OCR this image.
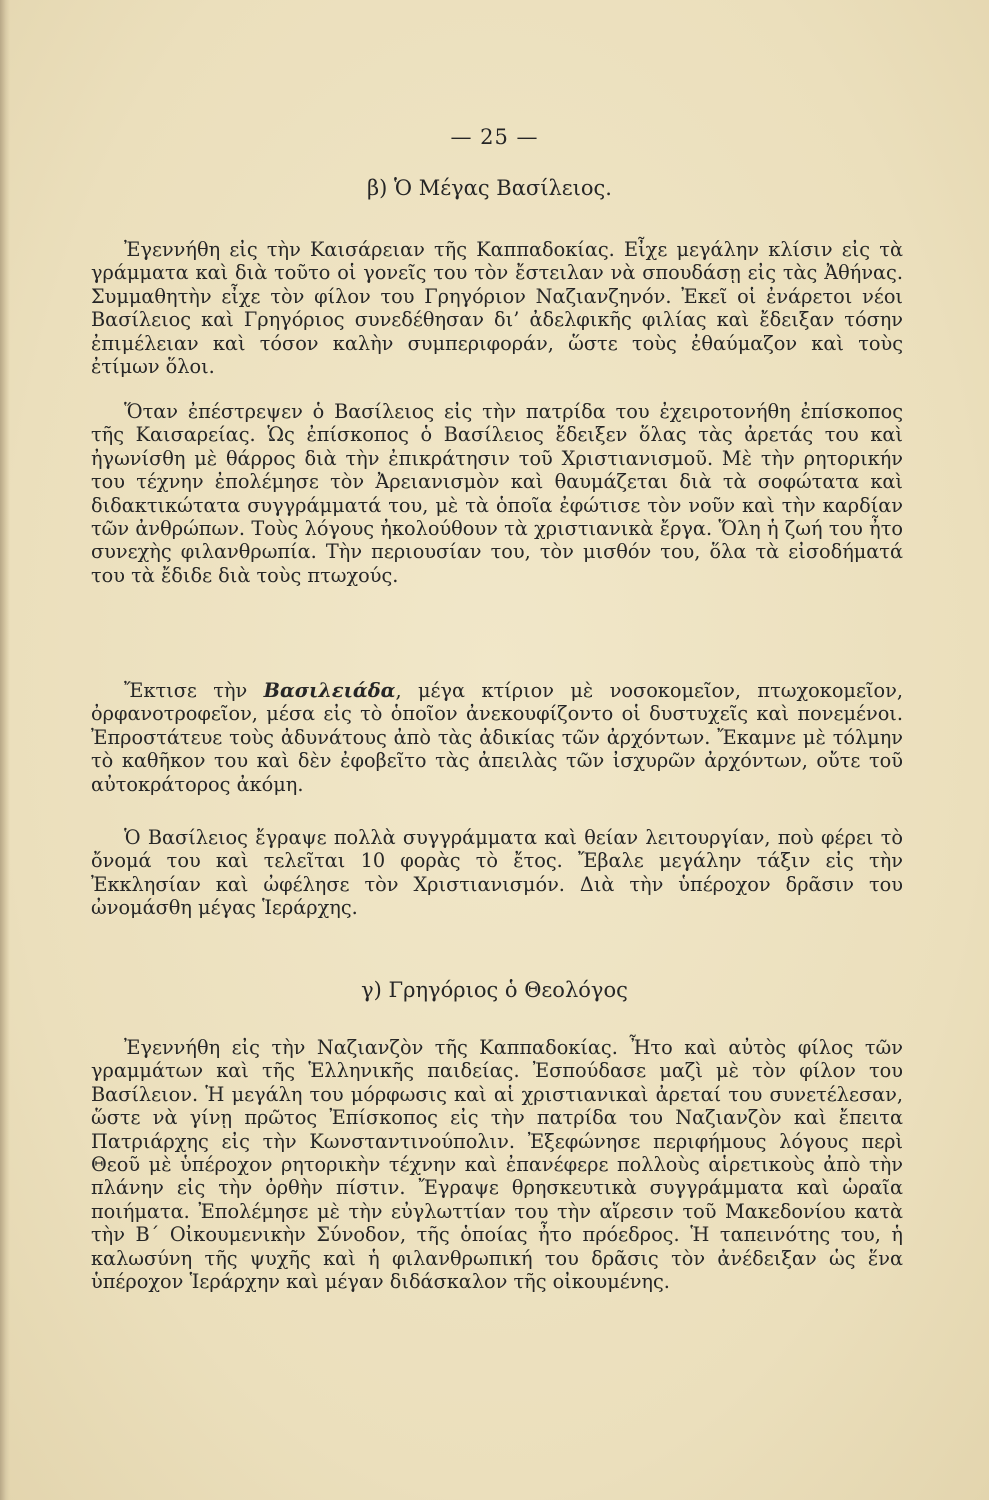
— 25 —
β) Ὁ Μέγας Βασίλειος.

Ἐγεννήθη εἰς τὴν Καισάρειαν τῆς Καππαδοκίας. Εἶχε μεγάλην κλίσιν εἰς τὰ γράμματα καὶ διὰ τοῦτο οἱ γονεῖς του τὸν ἔστειλαν νὰ σπουδάσῃ εἰς τὰς Ἀθήνας. Συμμαθητὴν εἶχε τὸν φίλον του Γρηγόριον Ναζιανζηνόν. Ἐκεῖ οἱ ἐνάρετοι νέοι Βασίλειος καὶ Γρηγόριος συνεδέθησαν δι’ ἀδελφικῆς φιλίας καὶ ἔδειξαν τόσην ἐπιμέλειαν καὶ τόσον καλὴν συμπεριφοράν, ὥστε τοὺς ἐθαύμαζον καὶ τοὺς ἐτίμων ὅλοι.

Ὅταν ἐπέστρεψεν ὁ Βασίλειος εἰς τὴν πατρίδα του ἐχειροτονήθη ἐπίσκοπος τῆς Καισαρείας. Ὡς ἐπίσκοπος ὁ Βασίλειος ἔδειξεν ὅλας τὰς ἀρετάς του καὶ ἠγωνίσθη μὲ θάρρος διὰ τὴν ἐπικράτησιν τοῦ Χριστιανισμοῦ. Μὲ τὴν ρητορικήν του τέχνην ἐπολέμησε τὸν Ἀρειανισμὸν καὶ θαυμάζεται διὰ τὰ σοφώτατα καὶ διδακτικώτατα συγγράμματά του, μὲ τὰ ὁποῖα ἐφώτισε τὸν νοῦν καὶ τὴν καρδίαν τῶν ἀνθρώπων. Τοὺς λόγους ἠκολούθουν τὰ χριστιανικὰ ἔργα. Ὅλη ἡ ζωή του ἦτο συνεχὴς φιλανθρωπία. Τὴν περιουσίαν του, τὸν μισθόν του, ὅλα τὰ εἰσοδήματά του τὰ ἔδιδε διὰ τοὺς πτωχούς.

Ἔκτισε τὴν Βασιλειάδα, μέγα κτίριον μὲ νοσοκομεῖον, πτωχοκομεῖον, ὀρφανοτροφεῖον, μέσα εἰς τὸ ὁποῖον ἀνεκουφίζοντο οἱ δυστυχεῖς καὶ πονεμένοι. Ἐπροστάτευε τοὺς ἀδυνάτους ἀπὸ τὰς ἀδικίας τῶν ἀρχόντων. Ἔκαμνε μὲ τόλμην τὸ καθῆκον του καὶ δὲν ἐφοβεῖτο τὰς ἀπειλὰς τῶν ἰσχυρῶν ἀρχόντων, οὔτε τοῦ αὐτοκράτορος ἀκόμη.

Ὁ Βασίλειος ἔγραψε πολλὰ συγγράμματα καὶ θείαν λειτουργίαν, ποὺ φέρει τὸ ὄνομά του καὶ τελεῖται 10 φορὰς τὸ ἔτος. Ἔβαλε μεγάλην τάξιν εἰς τὴν Ἐκκλησίαν καὶ ὠφέλησε τὸν Χριστιανισμόν. Διὰ τὴν ὑπέροχον δρᾶσιν του ὠνομάσθη μέγας Ἱεράρχης.

γ) Γρηγόριος ὁ Θεολόγος

Ἐγεννήθη εἰς τὴν Ναζιανζὸν τῆς Καππαδοκίας. Ἦτο καὶ αὐτὸς φίλος τῶν γραμμάτων καὶ τῆς Ἑλληνικῆς παιδείας. Ἐσπούδασε μαζὶ μὲ τὸν φίλον του Βασίλειον. Ἡ μεγάλη του μόρφωσις καὶ αἱ χριστιανικαὶ ἀρεταί του συνετέλεσαν, ὥστε νὰ γίνῃ πρῶτος Ἐπίσκοπος εἰς τὴν πατρίδα του Ναζιανζὸν καὶ ἔπειτα Πατριάρχης εἰς τὴν Κωνσταντινούπολιν. Ἐξεφώνησε περιφήμους λόγους περὶ Θεοῦ μὲ ὑπέροχον ρητορικὴν τέχνην καὶ ἐπανέφερε πολλοὺς αἱρετικοὺς ἀπὸ τὴν πλάνην εἰς τὴν ὀρθὴν πίστιν. Ἔγραψε θρησκευτικὰ συγγράμματα καὶ ὡραῖα ποιήματα. Ἐπολέμησε μὲ τὴν εὐγλωττίαν του τὴν αἵρεσιν τοῦ Μακεδονίου κατὰ τὴν Β΄ Οἰκουμενικὴν Σύνοδον, τῆς ὁποίας ἦτο πρόεδρος. Ἡ ταπεινότης του, ἡ καλωσύνη τῆς ψυχῆς καὶ ἡ φιλανθρωπική του δρᾶσις τὸν ἀνέδειξαν ὡς ἕνα ὑπέροχον Ἱεράρχην καὶ μέγαν διδάσκαλον τῆς οἰκουμένης.
